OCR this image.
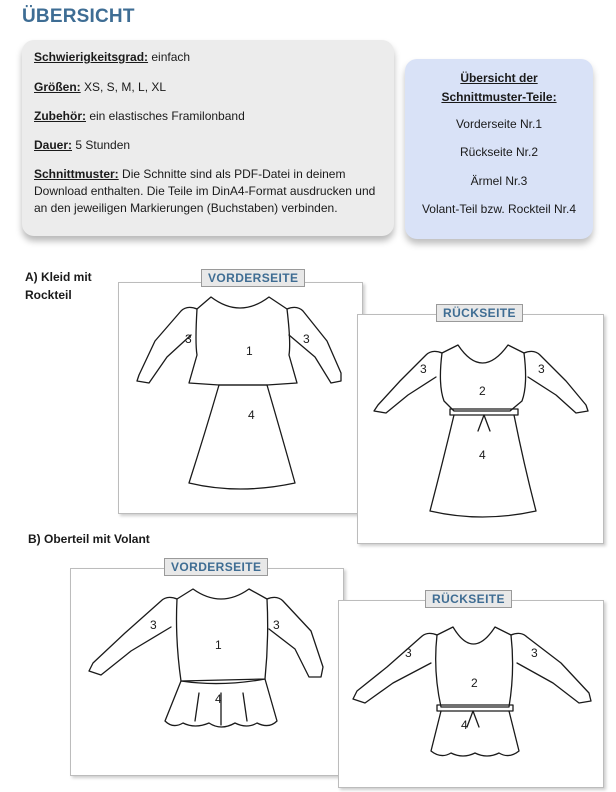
ÜBERSICHT

Schwierigkeitsgrad: einfach

Größen: XS, S, M, L, XL

Zubehör: ein elastisches Framilonband

Dauer: 5 Stunden

Schnittmuster: Die Schnitte sind als PDF-Datei in deinem Download enthalten. Die Teile im DinA4-Format ausdrucken und an den jeweiligen Markierungen (Buchstaben) verbinden.

Übersicht der
Schnittmuster-Teile:
Vorderseite Nr.1
Rückseite Nr.2
Ärmel Nr.3
Volant-Teil bzw. Rockteil Nr.4
A) Kleid mit
Rockteil
3
1
3
4
VORDERSEITE
3
2
3
4
RÜCKSEITE
B) Oberteil mit Volant
3
1
3
4
VORDERSEITE
3
2
3
4
RÜCKSEITE
